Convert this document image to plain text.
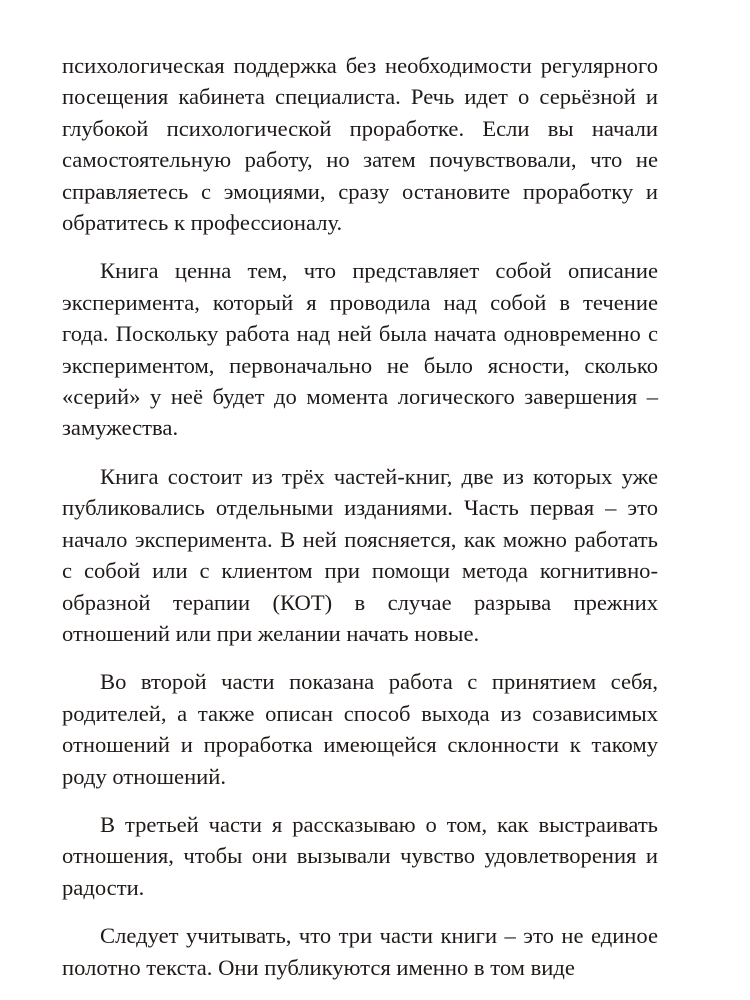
психологическая поддержка без необходимости регулярного посещения кабинета специалиста. Речь идет о серьёзной и глубокой психологической проработке. Если вы начали самостоятельную работу, но затем почувствовали, что не справляетесь с эмоциями, сразу остановите проработку и обратитесь к профессионалу.

Книга ценна тем, что представляет собой описание эксперимента, который я проводила над собой в течение года. Поскольку работа над ней была начата одновременно с экспериментом, первоначально не было ясности, сколько «серий» у неё будет до момента логического завершения – замужества.

Книга состоит из трёх частей-книг, две из которых уже публиковались отдельными изданиями. Часть первая – это начало эксперимента. В ней поясняется, как можно работать с собой или с клиентом при помощи метода когнитивно-образной терапии (КОТ) в случае разрыва прежних отношений или при желании начать новые.

Во второй части показана работа с принятием себя, родителей, а также описан способ выхода из созависимых отношений и проработка имеющейся склонности к такому роду отношений.

В третьей части я рассказываю о том, как выстраивать отношения, чтобы они вызывали чувство удовлетворения и радости.

Следует учитывать, что три части книги – это не единое полотно текста. Они публикуются именно в том виде
